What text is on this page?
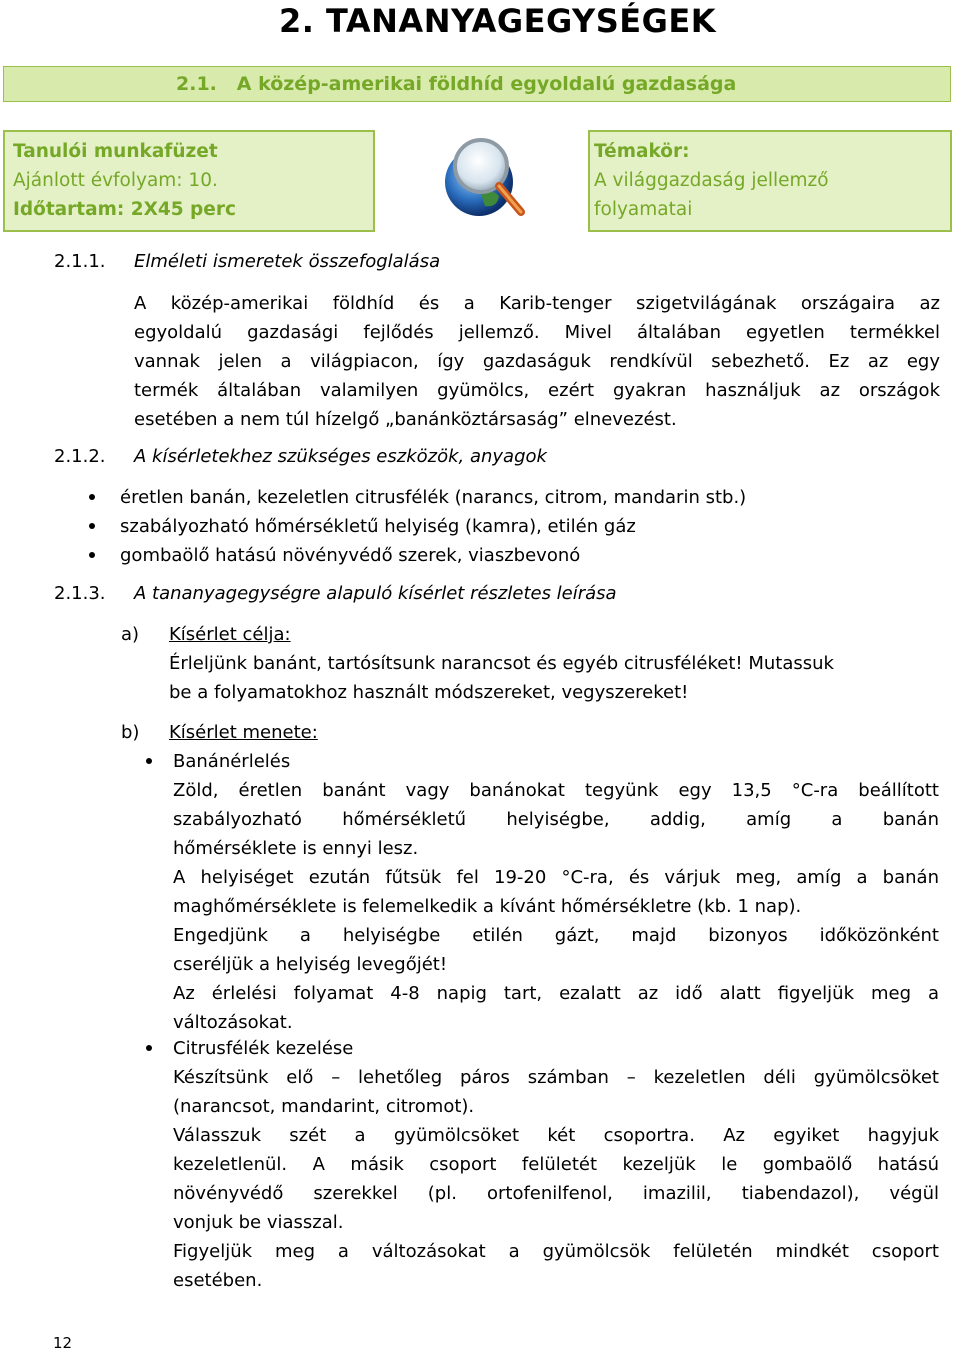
2. TANANYAGEGYSÉGEK
2.1. A közép-amerikai földhíd egyoldalú gazdasága
Tanulói munkafüzet
Ajánlott évfolyam: 10.
Időtartam: 2X45 perc
Témakör:
A világgazdaság jellemző
folyamatai
2.1.1. Elméleti ismeretek összefoglalása
A közép-amerikai földhíd és a Karib-tenger szigetvilágának országaira az
egyoldalú gazdasági fejlődés jellemző. Mivel általában egyetlen termékkel
vannak jelen a világpiacon, így gazdaságuk rendkívül sebezhető. Ez az egy
termék általában valamilyen gyümölcs, ezért gyakran használjuk az országok
esetében a nem túl hízelgő „banánköztársaság” elnevezést.
2.1.2. A kísérletekhez szükséges eszközök, anyagok
éretlen banán, kezeletlen citrusfélék (narancs, citrom, mandarin stb.)
szabályozható hőmérsékletű helyiség (kamra), etilén gáz
gombaölő hatású növényvédő szerek, viaszbevonó
2.1.3. A tananyagegységre alapuló kísérlet részletes leírása
a) Kísérlet célja:
Érleljünk banánt, tartósítsunk narancsot és egyéb citrusféléket! Mutassuk
be a folyamatokhoz használt módszereket, vegyszereket!
b) Kísérlet menete:
Banánérlelés
Zöld, éretlen banánt vagy banánokat tegyünk egy 13,5 °C-ra beállított
szabályozható hőmérsékletű helyiségbe, addig, amíg a banán
hőmérséklete is ennyi lesz.
A helyiséget ezután fűtsük fel 19-20 °C-ra, és várjuk meg, amíg a banán
maghőmérséklete is felemelkedik a kívánt hőmérsékletre (kb. 1 nap).
Engedjünk a helyiségbe etilén gázt, majd bizonyos időközönként
cseréljük a helyiség levegőjét!
Az érlelési folyamat 4-8 napig tart, ezalatt az idő alatt figyeljük meg a
változásokat.
Citrusfélék kezelése
Készítsünk elő – lehetőleg páros számban – kezeletlen déli gyümölcsöket
(narancsot, mandarint, citromot).
Válasszuk szét a gyümölcsöket két csoportra. Az egyiket hagyjuk
kezeletlenül. A másik csoport felületét kezeljük le gombaölő hatású
növényvédő szerekkel (pl. ortofenilfenol, imazilil, tiabendazol), végül
vonjuk be viasszal.
Figyeljük meg a változásokat a gyümölcsök felületén mindkét csoport
esetében.
12
